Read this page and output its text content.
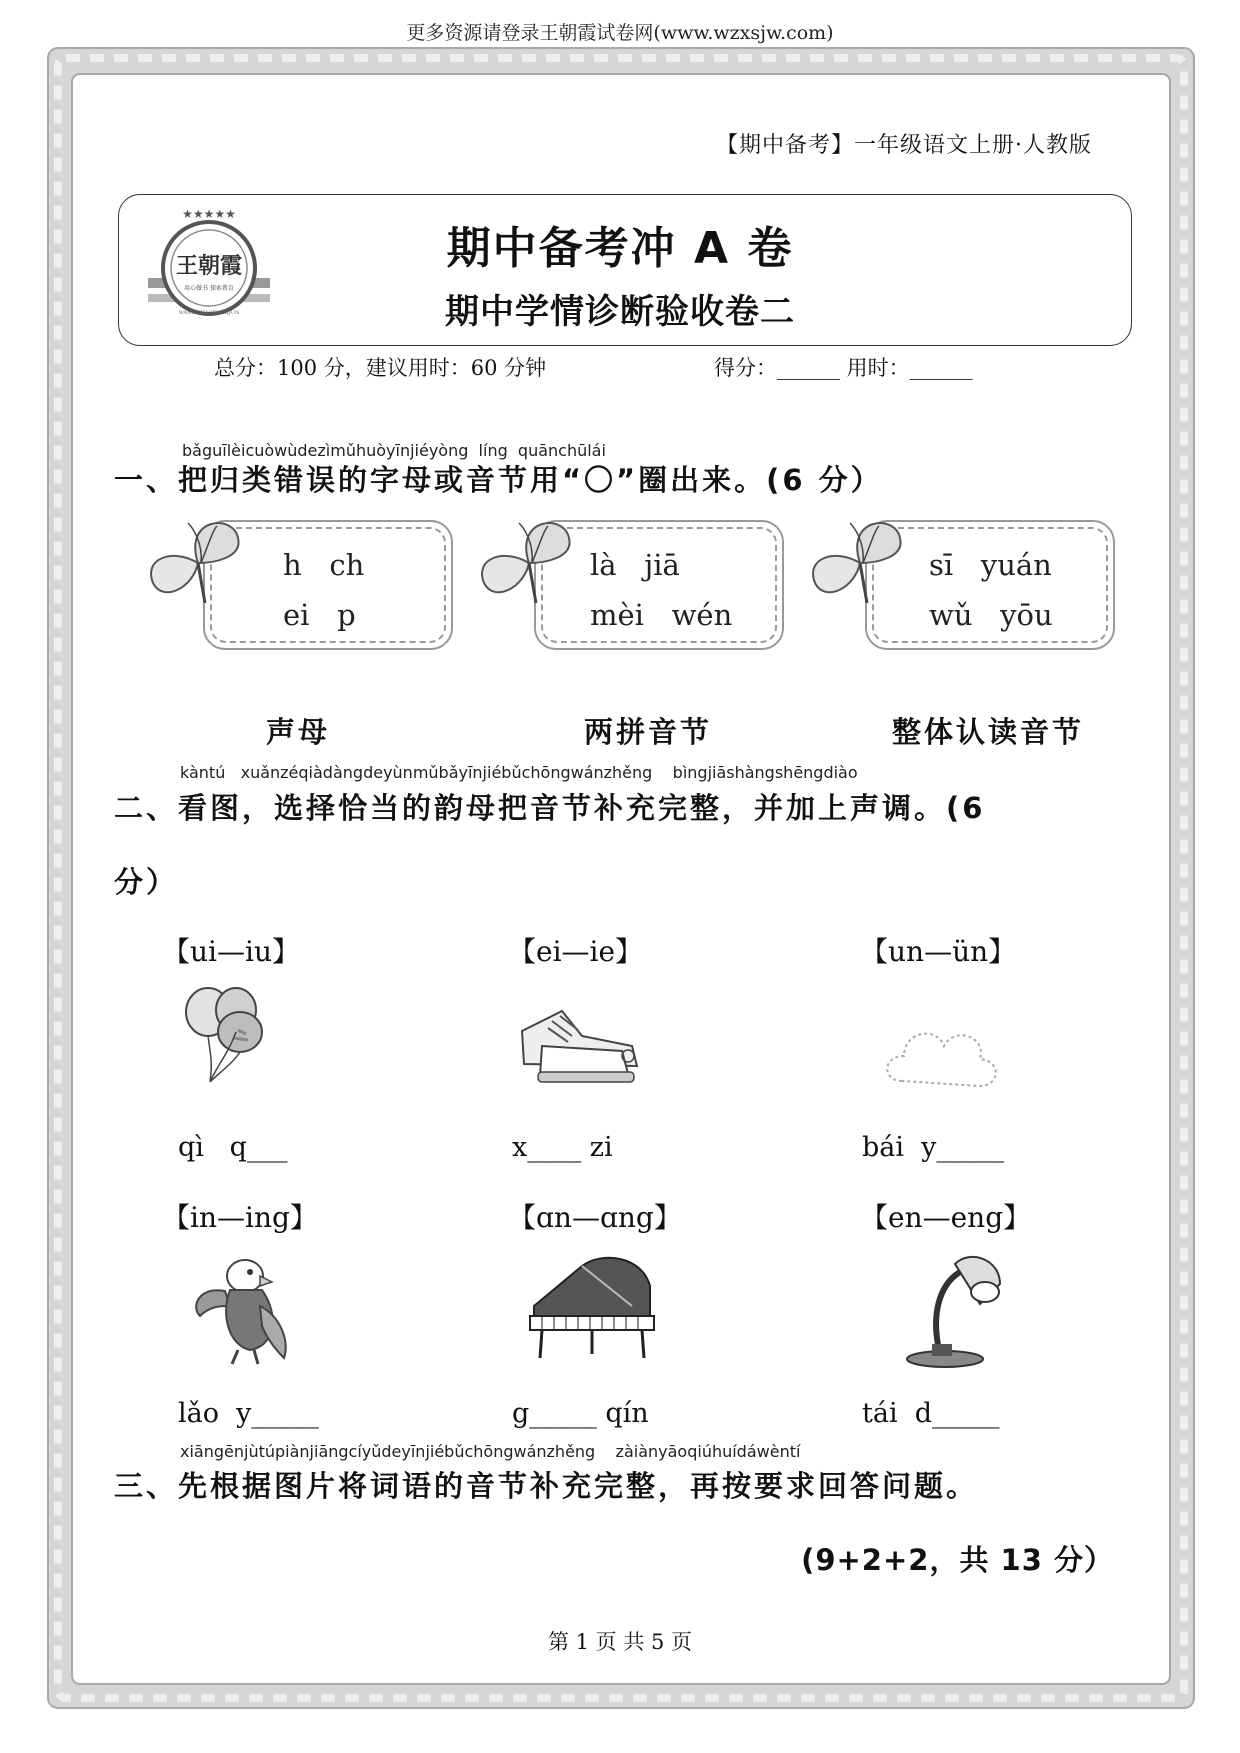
更多资源请登录王朝霞试卷网(www.wzxsjw.com)
【期中备考】一年级语文上册·人教版
★★★★★
王朝霞
用心做书 探索教育
WANG ZHAOXIA XIJUN
期中备考冲 A 卷
期中学情诊断验收卷二
总分：100 分，建议用时：60 分钟	得分：______ 用时：______
bǎguīlèicuòwùdezìmǔhuòyīnjiéyòng  líng  quānchūlái
一、把归类错误的字母或音节用“〇”圈出来。(6 分）
h   ch
ei   p
声母
là   jiā
mèi   wén
两拼音节
sī   yuán
wǔ   yōu
整体认读音节
kàntú   xuǎnzéqiàdàngdeyùnmǔbǎyīnjiébǔchōngwánzhěng    bìngjiāshàngshēngdiào
二、看图，选择恰当的韵母把音节补充完整，并加上声调。(6
分）
【ui—iu】	【ei—ie】	【un—ün】
qì   q___	x____ zi	bái  y_____
【in—ing】	【ɑn—ɑng】	【en—eng】
lǎo  y_____	g_____ qín	tái  d_____
xiāngēnjùtúpiànjiāngcíyǔdeyīnjiébǔchōngwánzhěng    zàiànyāoqiúhuídáwèntí
三、先根据图片将词语的音节补充完整，再按要求回答问题。
(9+2+2，共 13 分）
第 1 页 共 5 页
